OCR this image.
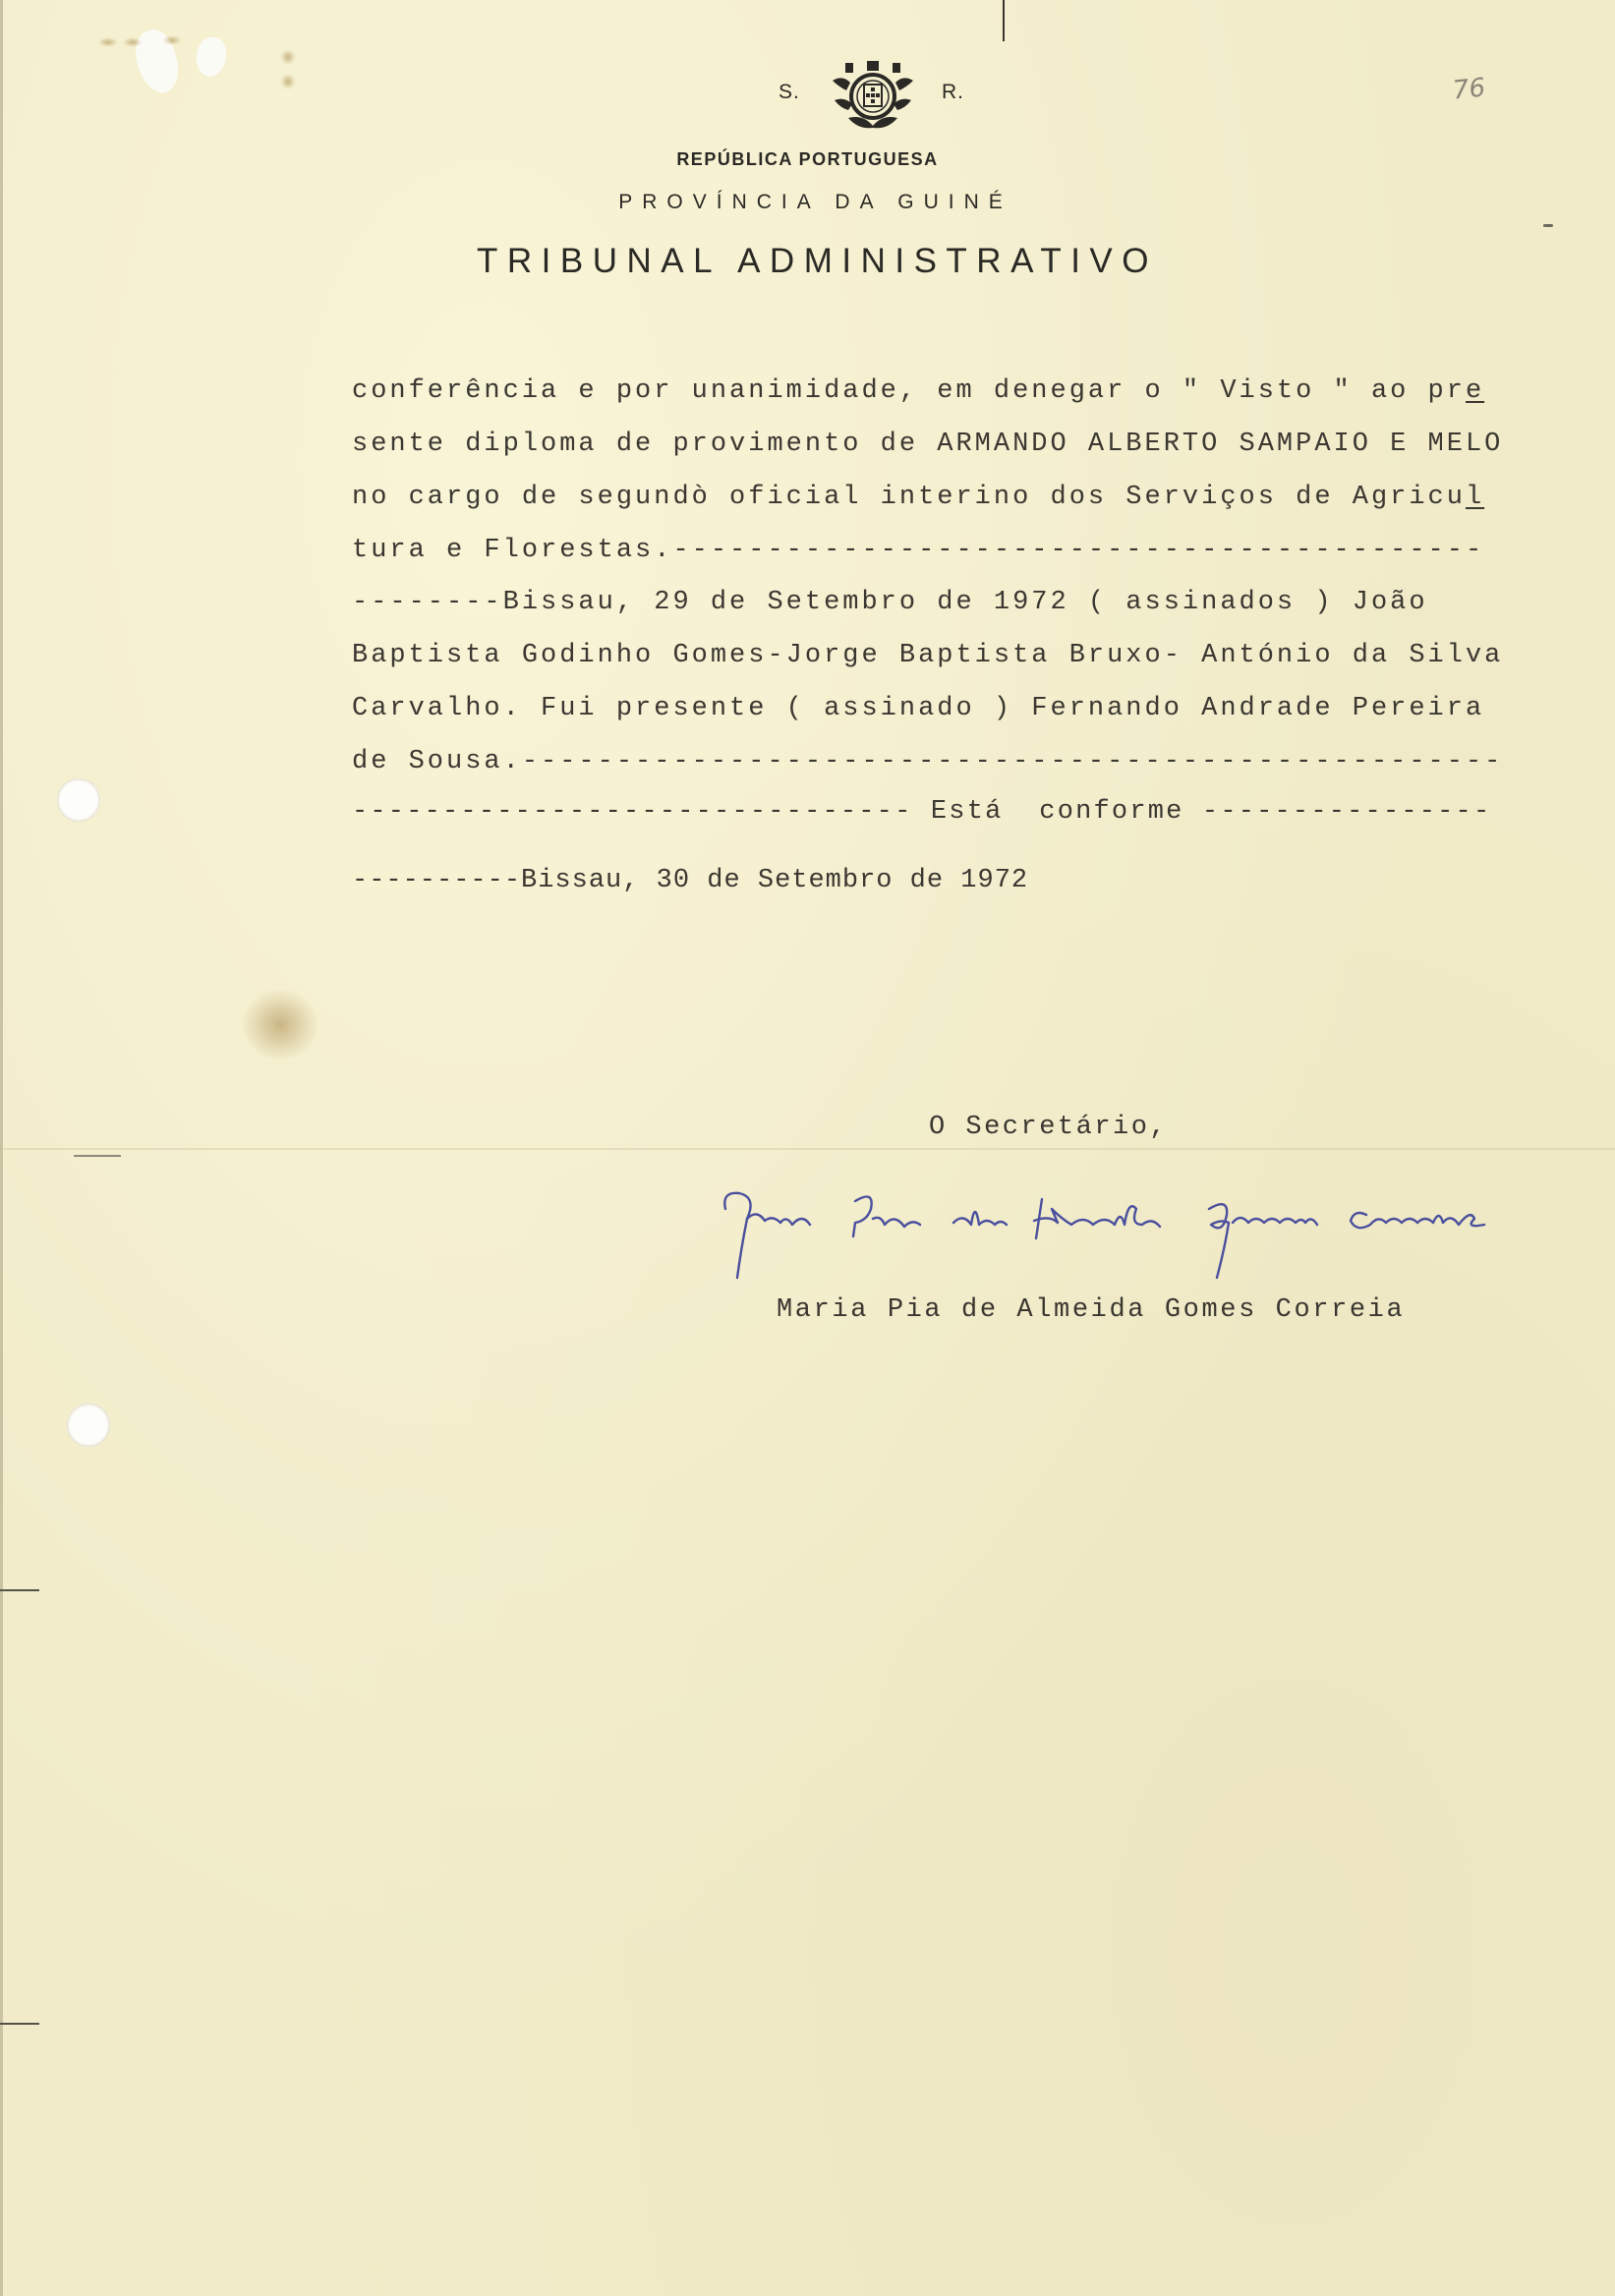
S.	R.
REPÚBLICA PORTUGUESA
PROVÍNCIA DA GUINÉ
TRIBUNAL ADMINISTRATIVO
76

conferência e por unanimidade, em denegar o " Visto " ao pre

sente diploma de provimento de ARMANDO ALBERTO SAMPAIO E MELO

no cargo de segundò oficial interino dos Serviços de Agricul

tura e Florestas.-------------------------------------------

--------Bissau, 29 de Setembro de 1972 ( assinados ) João

Baptista Godinho Gomes-Jorge Baptista Bruxo- António da Silva

Carvalho. Fui presente ( assinado ) Fernando Andrade Pereira

de Sousa.----------------------------------------------------

------------------------------- Está  conforme ----------------

----------Bissau, 30 de Setembro de 1972

O Secretário,
Maria Pia de Almeida Gomes Correia
